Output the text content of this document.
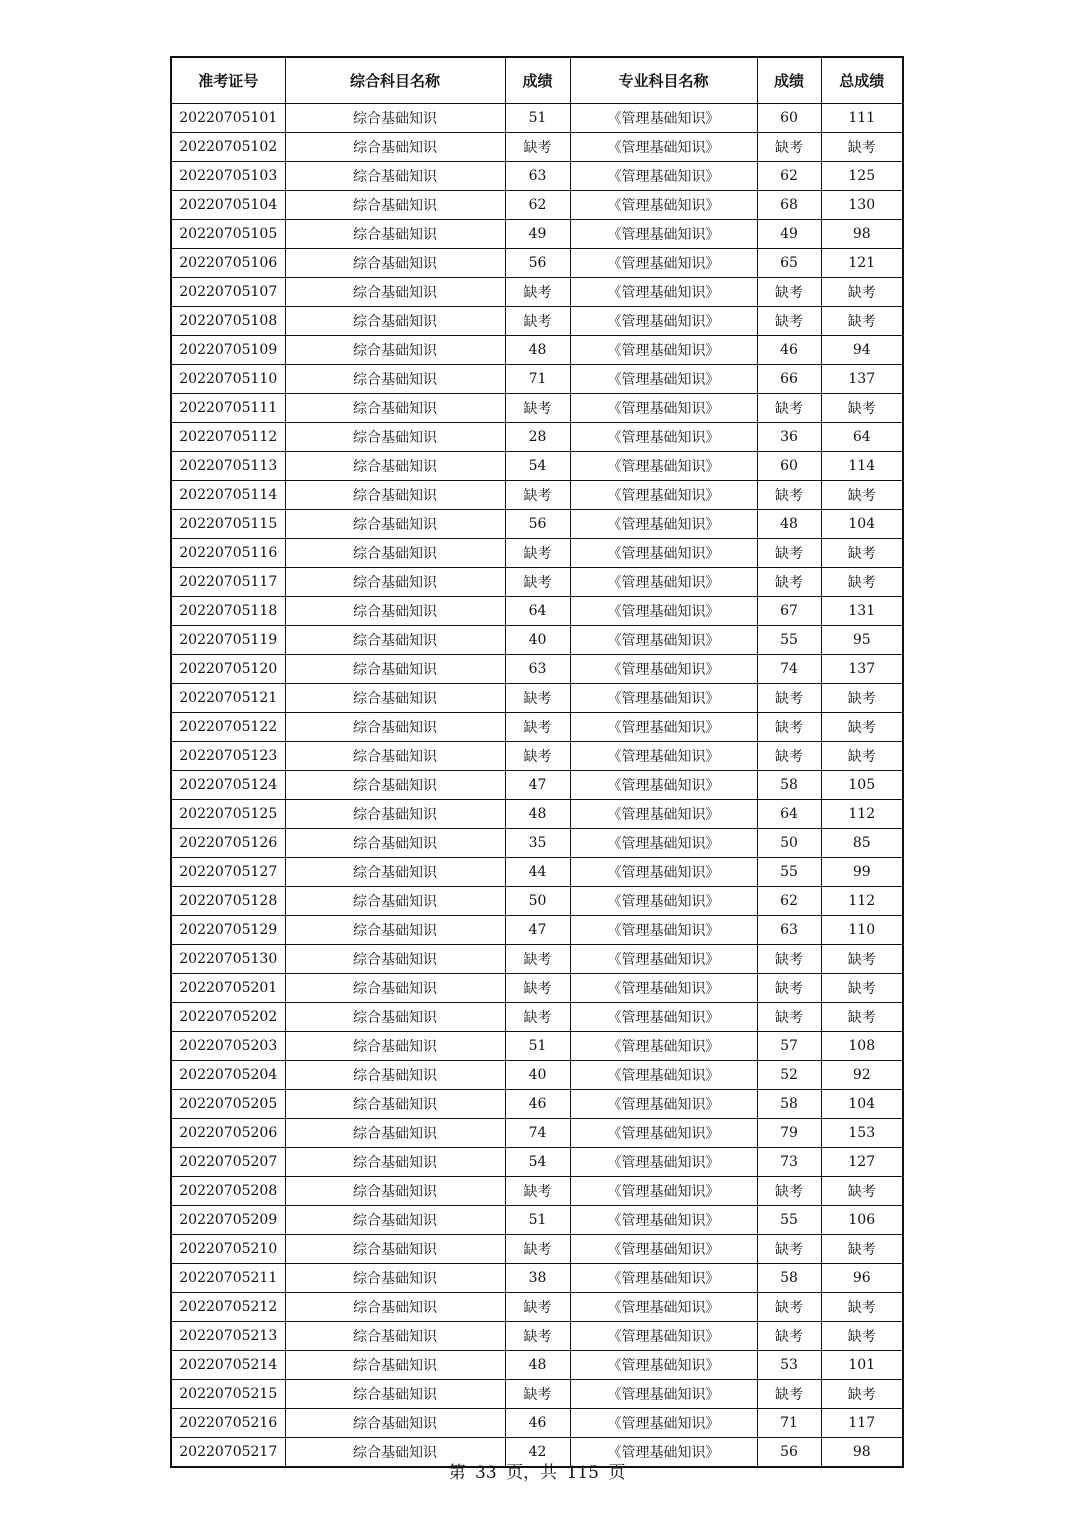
准考证号	综合科目名称	成绩	专业科目名称	成绩	总成绩
20220705101	综合基础知识	51	《管理基础知识》	60	111
20220705102	综合基础知识	缺考	《管理基础知识》	缺考	缺考
20220705103	综合基础知识	63	《管理基础知识》	62	125
20220705104	综合基础知识	62	《管理基础知识》	68	130
20220705105	综合基础知识	49	《管理基础知识》	49	98
20220705106	综合基础知识	56	《管理基础知识》	65	121
20220705107	综合基础知识	缺考	《管理基础知识》	缺考	缺考
20220705108	综合基础知识	缺考	《管理基础知识》	缺考	缺考
20220705109	综合基础知识	48	《管理基础知识》	46	94
20220705110	综合基础知识	71	《管理基础知识》	66	137
20220705111	综合基础知识	缺考	《管理基础知识》	缺考	缺考
20220705112	综合基础知识	28	《管理基础知识》	36	64
20220705113	综合基础知识	54	《管理基础知识》	60	114
20220705114	综合基础知识	缺考	《管理基础知识》	缺考	缺考
20220705115	综合基础知识	56	《管理基础知识》	48	104
20220705116	综合基础知识	缺考	《管理基础知识》	缺考	缺考
20220705117	综合基础知识	缺考	《管理基础知识》	缺考	缺考
20220705118	综合基础知识	64	《管理基础知识》	67	131
20220705119	综合基础知识	40	《管理基础知识》	55	95
20220705120	综合基础知识	63	《管理基础知识》	74	137
20220705121	综合基础知识	缺考	《管理基础知识》	缺考	缺考
20220705122	综合基础知识	缺考	《管理基础知识》	缺考	缺考
20220705123	综合基础知识	缺考	《管理基础知识》	缺考	缺考
20220705124	综合基础知识	47	《管理基础知识》	58	105
20220705125	综合基础知识	48	《管理基础知识》	64	112
20220705126	综合基础知识	35	《管理基础知识》	50	85
20220705127	综合基础知识	44	《管理基础知识》	55	99
20220705128	综合基础知识	50	《管理基础知识》	62	112
20220705129	综合基础知识	47	《管理基础知识》	63	110
20220705130	综合基础知识	缺考	《管理基础知识》	缺考	缺考
20220705201	综合基础知识	缺考	《管理基础知识》	缺考	缺考
20220705202	综合基础知识	缺考	《管理基础知识》	缺考	缺考
20220705203	综合基础知识	51	《管理基础知识》	57	108
20220705204	综合基础知识	40	《管理基础知识》	52	92
20220705205	综合基础知识	46	《管理基础知识》	58	104
20220705206	综合基础知识	74	《管理基础知识》	79	153
20220705207	综合基础知识	54	《管理基础知识》	73	127
20220705208	综合基础知识	缺考	《管理基础知识》	缺考	缺考
20220705209	综合基础知识	51	《管理基础知识》	55	106
20220705210	综合基础知识	缺考	《管理基础知识》	缺考	缺考
20220705211	综合基础知识	38	《管理基础知识》	58	96
20220705212	综合基础知识	缺考	《管理基础知识》	缺考	缺考
20220705213	综合基础知识	缺考	《管理基础知识》	缺考	缺考
20220705214	综合基础知识	48	《管理基础知识》	53	101
20220705215	综合基础知识	缺考	《管理基础知识》	缺考	缺考
20220705216	综合基础知识	46	《管理基础知识》	71	117
20220705217	综合基础知识	42	《管理基础知识》	56	98
第 33 页，共 115 页
